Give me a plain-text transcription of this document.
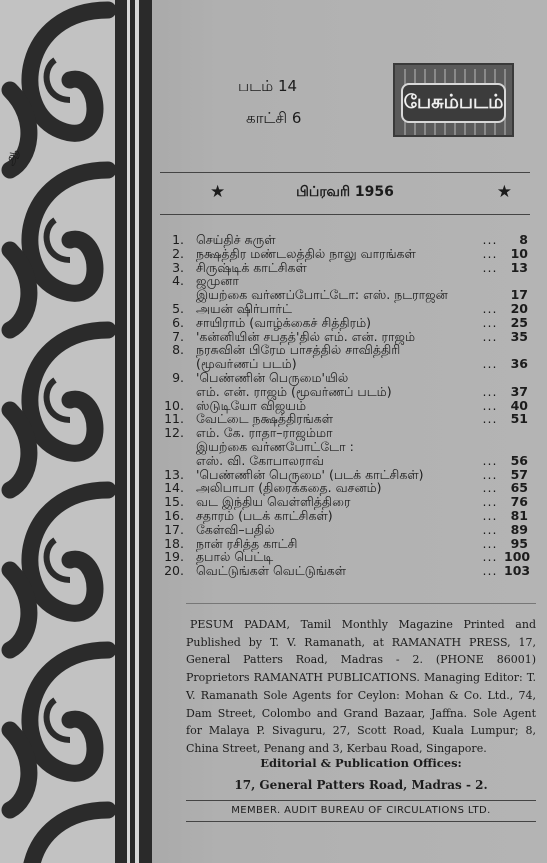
ஆ
படம் 14
காட்சி 6
பேசும்படம்
★	பிப்ரவரி 1956	★
1. செய்திச் சுருள்	...	8
2. நக்ஷத்திர மண்டலத்தில் நாலு வாரங்கள்	...	10
3. சிருஷ்டிக் காட்சிகள்	...	13
4. ஜமுனா
இயற்கை வர்ணப்போட்டோ: எஸ். நடராஜன்	17
5. அயன் ஷிர்பார்ட்	...	20
6. சாயிராம் (வாழ்க்கைச் சித்திரம்)	...	25
7. 'கன்னியின் சபதத்'தில் எம். என். ராஜம்	...	35
8. நரசுவின் பிரேம பாசத்தில் சாவித்திரி
(மூவர்ணப் படம்)	...	36
9. 'பெண்ணின் பெருமை'யில்
எம். என். ராஜம் (மூவர்ணப் படம்)	...	37
10. ஸ்டுடியோ விஜயம்	...	40
11. வேட்டை நக்ஷத்திரங்கள்	...	51
12. எம். கே. ராதா–ராஜம்மா
இயற்கை வர்ணபோட்டோ :
எஸ். வி. கோபாலராவ்	...	56
13. 'பெண்ணின் பெருமை' (படக் காட்சிகள்)	...	57
14. அலிபாபா (திரைக்கதை. வசனம்)	...	65
15. வட இந்திய வெள்ளித்திரை	...	76
16. சதாரம் (படக் காட்சிகள்)	...	81
17. கேள்வி–பதில்	...	89
18. நான் ரசித்த காட்சி	...	95
19. தபால் பெட்டி	... 100
20. வெட்டுங்கள் வெட்டுங்கள்	... 103
PESUM PADAM, Tamil Monthly Magazine Printed and Published by T. V. Ramanath, at RAMANATH PRESS, 17, General Patters Road, Madras - 2. (PHONE 86001) Proprietors RAMANATH PUBLICATIONS. Managing Editor: T. V. Ramanath Sole Agents for Ceylon: Mohan & Co. Ltd., 74, Dam Street, Colombo and Grand Bazaar, Jaffna. Sole Agent for Malaya P. Sivaguru, 27, Scott Road, Kuala Lumpur; 8, China Street, Penang and 3, Kerbau Road, Singapore.
Editorial & Publication Offices:
17, General Patters Road, Madras - 2.
MEMBER. AUDIT BUREAU OF CIRCULATIONS LTD.
